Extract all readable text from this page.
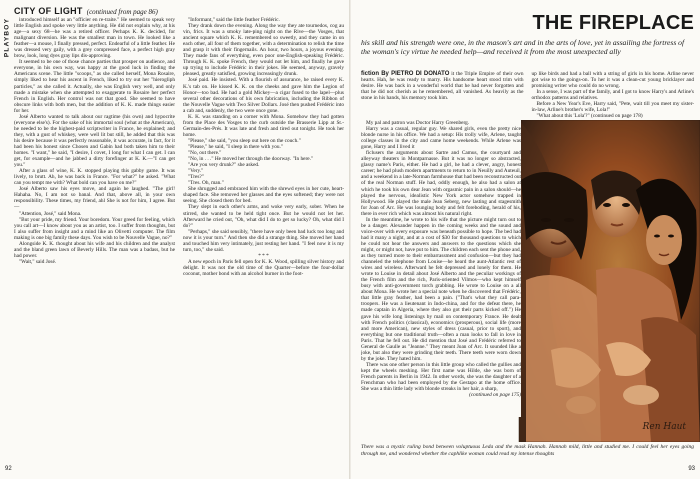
PLAYBOY
CITY OF LIGHT (continued from page 86)

introduced himself as an "officier en re-traite." He seemed to speak very little English and spoke very little anything. He did not explain why, at his age—a sexy 68—he was a retired officer. Perhaps K. K. decided, for malignant diversion. He was the smallest man in town. He looked like a feather—a mouse, I finally pressed, perfect. Endearful of a little feather. He was dressed very gaily, with a grey compressed face, a perfect high gray brow, look, long dyes gray lips dis-approving.

It seemed to be one of those chance parties that prosper on audience, and everyone, in his own way, was happy at the good luck in finding the Americans scene. The little "scoops," as she called herself, Mona Rosaire, simply liked to hear his ascent in French, liked to try out her "hierogliph particles," as she called it. Actually, she was English very well, and only made a mistake when she attempted to exaggerate to Rosaire her perfect French in English. Her control was not that good. She seemed to have obscure links with both men, but the addition of K. K. made things easier for her.

José Alberto wanted to talk about our ragtime (his own) and hypocrite (everyone else's). For the sake of his immortal soul (what at the American), he needed to be the highest-paid scriptwriter in France, he explained; and they, with a gust of whiskey, were well lit but still, he added that this was his desire because it was perfectly reasonable, it was accurate, in fact, for it had been his honest since Chosen and Gabin had both taken him to their homes. "I want," he said, "I desire, I covet, I long for what I can get. I can get, for example—and he jabbed a dirty forefinger at K. K.—"I can get you."

After a glass of wine, K. K. stopped playing this gabby game. It was lively, to brutt. Ah, he was back in France. "For what?" he asked. "What can you tempt me with? What bold can you have on me?"

José Alberto saw his eyes move, and again he laughed. "The girl! Hahaha. No, I am not so banal. And that, above all, in your own responsibility. These times, my friend, ahl She is not for him, I agree. But—

"Attention, José," said Mona.

"But your pride, my friend. Your boredom. Your greed for feeling, which you call art—I know about you as an artist, too. I suffer from thoughts, but I also suffer from insight and a mind like an Olivetti computer. The film making is one big family these days. You wish to be Nouvelle Vague, no?"

Alongside K. K. thought about his wife and his children and the analyst and the bland green lawn of Beverly Hills. The man was a badass, but he had power.

"Wait," said José.

"Informant," said the little feather Frédéric.

They drank down the evening. Along the way they ate tournedos, cog au vin, frics. It was a smoky late-ping night on the Rive—the Vosges, that ancient square which K. K. remembered so sweetly, and they came in on each other, all four of them together, with a determination to relish the time and grasp it with their fingernails. An hour, two hours, a joyous evening. They made fans of everything, even poor one-English-speaking Frédéric. Through K. K. spoke French, they would not let him, and finally he gave up trying to include Frédéric in their jokes. He seemed, anyway, gravely pleased, greatly satisfied, growing increasingly drunk.

José paid. He insisted. With a flourish of assurance, he raised every K. K.'s tab on. He kissed K. K. on the cheeks and gave him the Legion of Honor—too bad. He had a gold Mickey—a cigar fused to the lapel—plus several other decorations of his own fabrication, including the Ribbon of the Nouvelle Vague with Two Silver Dollars. José then pushed Frédéric into a cab and, suddenly, the two were once gone.

K. K. was standing on a corner with Mona. Somehow they had gotten from the Place des Vosges to the curb outside the Brasserie Lipp at St.-Germain-des-Prés. It was late and fresh and tired out tonight. He took her home.

"Please," she said, "you sleep out here on the couch."

"Please," he said, "I sleep in there with you."

"No, out there."

"No, in . . ." He moved her through the doorway. "In here."

"Are you very drunk?" she asked.

"Very."

"Tres?"

"Tres. Oh, man."

She shrugged and embraced him with the shrewd eyes in her cute, heart-shaped face. She removed her glasses and the eyes softened; they were not seeing. She closed them for bed.

They slept in each other's arms, and woke very early, sober. When he stirred, she wanted to be held tight once. But he would not let her. Afterward he cried out, "Oh, what did I do to get so lucky? Oh, what did I do?"

"Perhaps," she said sensibly, "there have only been bad luck too long and now it is your turn." And then she did a strange thing. She moved her hand and touched him very intimately, just resting her hand. "I feel now it is my turn, too," she said.

* * *

A new epoch in Paris fell open for K. K. Wood, spilling silver history and delight. It was not the old time of the Quarter—before the four-dollar coconut, mother bond with an alcohol burner in the foot-

92
THE FIREPLACE
his skill and his strength were one, in the mason's art and in the arts of love, yet in assailing the fortress of the woman's icy virtue he needed help—and received it from the most unexpected ally

fiction By PIETRO DI DONATO it the Triple Empire of their own hearts. Hah, he was ready to marry. His handsome heart stood trim with desire. He was back in a wonderful world that he had never forgotten and that he did not cherish as he remembered, all vanished. As heavily as the stone in his hands, his memory took him.

up like birds and had a ball with a string of girls in his home. Arline never got wise to the goings-on. To her it was a clean-cut young bricklayer and promising writer who could do no wrong.

In a sense, I was part of the family, and I got to know Harry's and Arline's orthodox patterns and relatives.

Before a New Year's Eve, Harry said, "Pete, wait till you meet my sister-in-law, Arline's brother's wife, Lola!"

"What about this 'Lola'?" (continued on page 178)

My pal and patron was Doctor Harry Greenberg.

Harry was a casual, regular guy. We shared girls, even the pretty nice blonde nurse in his office. We had a setup: His trolly wife, Arlene, taught college classes in the city and came home weekends. While Arlene was gone, Harry and I lived it

ficlusers the arguments about Sartre and Camus, the courtyard and alleyway theaters in Montparnasse. But it was no longer so abstracted, glassy name's Paris, either. He had a girl, he had a clever, angry, honest career; he had plush modern apartments to return to in Neuilly and Auteuil, and a weekend in a late-Norman farmhouse that had been reconstructed out of the real Norman stuff. He had, oddly enough, he also had a salon at which he took his own dear Jean with orgasmic pain in a salon should—he played the nervous, idealistic New York actor somehow trapped in Hollywood. He played the male Jean Seberg, new lasting and stagesmith for Joan of Arc. He was lounging body and felt foreboding, herald of his, there in ever rich which was almost his natural right.

In the meantime, he wrote to his wife that the picture might turn out to be a danger. Alexander happen in the coming weeks and the sound and voice-over with every exposure was beneath possible to hope. The bed had had it many a night, and at a cost of $30 for thousand questions to which he could not hear the answers and answers to the questions which she might, or might not, have put to him. The children each sent the phone and, as they turned more to their embarrassment and confusion—but they had channeled the telephone from Louise—he heard the aunt-Atlantic rest of wires and wireless. Afterward he felt depressed and lonely for them. He wrote to Louise in detail about José Alberto and the peculiar workings of the French film and the rich, Paris-oriented Vilmos—who kept himself busy with anti-government torch grabbing. He wrote to Louise on a all about Mona. He wrote her a special note when he discovered that Frédéric, that little gray feather, had been a pain. ("That's what they call para-troopers. He was a lieutenant in Indo-china, and for the defeat there, he made captain in Algeria, where they also got their parts kicked off.") He gave his wife long listenings by mail on contemporary France. He dealt with French politics (classical), economics (prosperous), social life (more and more American), new styles of dress (casual, prior to sport), and everything but one traditional truth—often a man looks to fall in love in Paris. That he fell out. He did mention that José and Frédéric referred to General de Gaulle as "Jeanne." They meant Joan of Arc. It sounded like a joke, but also they were grinding their teeth. There teeth were worn down by the joke. They hated him.

There was one other person in this little group who called the gullies and kept the wheels meshing. Her first name was Hilde, she was born of French parents in Berlin in 1942. In other words, she was the daughter of a Frenchman who had been employed by the Gestapo at the home office. She was a thin little lady with blonde streaks in her hair, a sharp,

(continued on page 175)

Ren Haut
There was a mystic ruling bond between voluptuous Leda and the mask Hannah. Hannah mild, little and studied me. I could feel her eyes going through me, and wondered whether the caphlike woman could read my intense thoughts
93
